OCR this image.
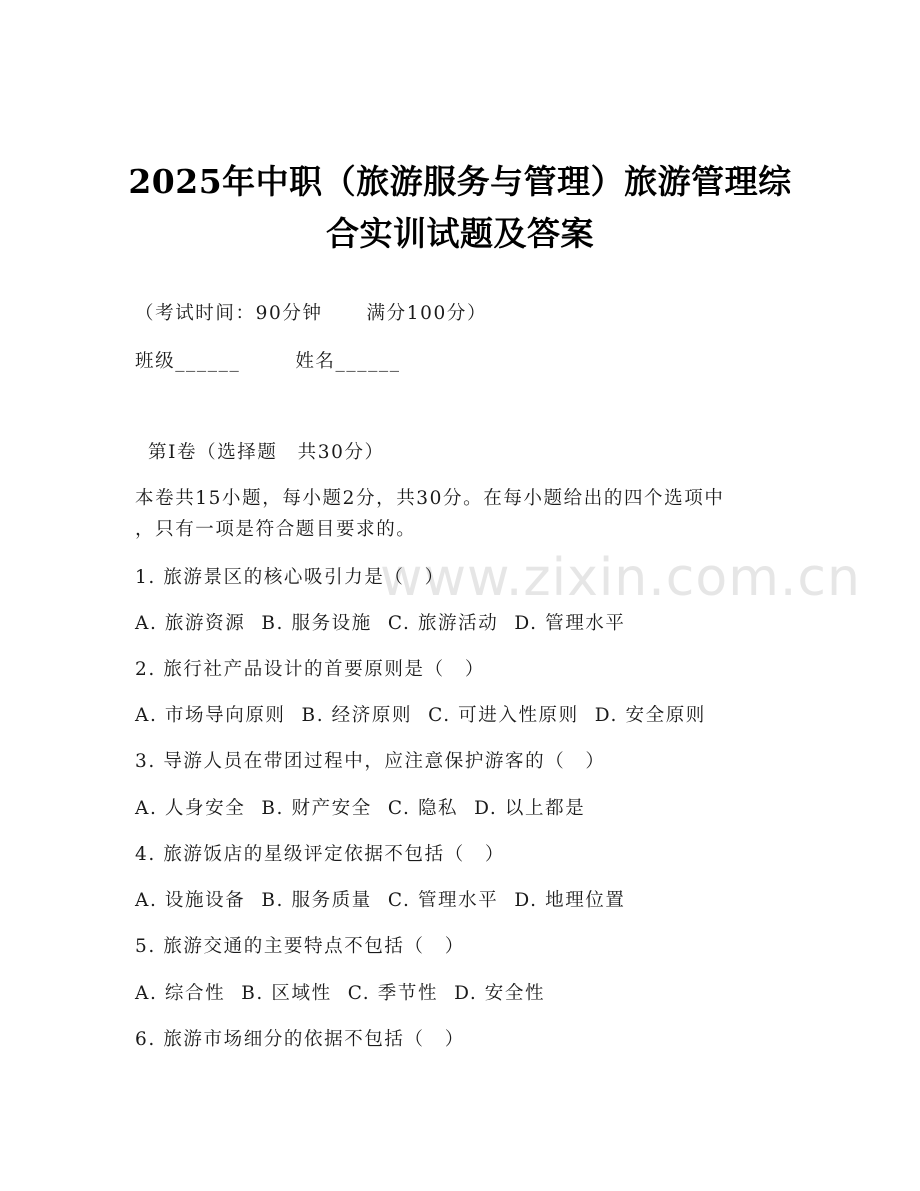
www.zixin.com.cn
2025年中职（旅游服务与管理）旅游管理综
合实训试题及答案
（考试时间：90分钟 满分100分）
班级______	姓名______
第Ⅰ卷（选择题　共30分）
本卷共15小题，每小题2分，共30分。在每小题给出的四个选项中
，只有一项是符合题目要求的。
1. 旅游景区的核心吸引力是（　）
A. 旅游资源 B. 服务设施 C. 旅游活动 D. 管理水平
2. 旅行社产品设计的首要原则是（　）
A. 市场导向原则 B. 经济原则 C. 可进入性原则 D. 安全原则
3. 导游人员在带团过程中，应注意保护游客的（　）
A. 人身安全 B. 财产安全 C. 隐私 D. 以上都是
4. 旅游饭店的星级评定依据不包括（　）
A. 设施设备 B. 服务质量 C. 管理水平 D. 地理位置
5. 旅游交通的主要特点不包括（　）
A. 综合性 B. 区域性 C. 季节性 D. 安全性
6. 旅游市场细分的依据不包括（　）
